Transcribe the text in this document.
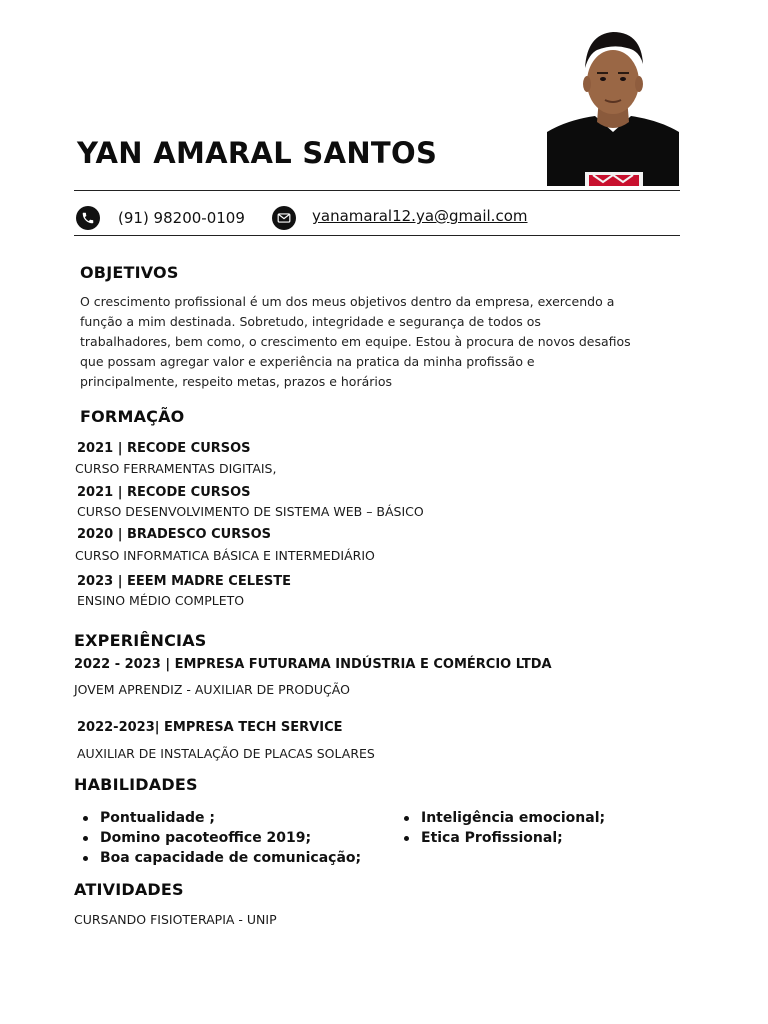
YAN AMARAL SANTOS
(91) 98200-0109	yanamaral12.ya@gmail.com
OBJETIVOS
O crescimento profissional é um dos meus objetivos dentro da empresa, exercendo a
função a mim destinada. Sobretudo, integridade e segurança de todos os
trabalhadores, bem como, o crescimento em equipe. Estou à procura de novos desafios
que possam agregar valor e experiência na pratica da minha profissão e
principalmente, respeito metas, prazos e horários
FORMAÇÃO
2021 | RECODE CURSOS
CURSO FERRAMENTAS DIGITAIS,
2021 | RECODE CURSOS
CURSO DESENVOLVIMENTO DE SISTEMA WEB – BÁSICO
2020 | BRADESCO CURSOS
CURSO INFORMATICA BÁSICA E INTERMEDIÁRIO
2023 | EEEM MADRE CELESTE
ENSINO MÉDIO COMPLETO
EXPERIÊNCIAS
2022 - 2023 | EMPRESA FUTURAMA INDÚSTRIA E COMÉRCIO LTDA
JOVEM APRENDIZ - AUXILIAR DE PRODUÇÃO
2022-2023| EMPRESA TECH SERVICE
AUXILIAR DE INSTALAÇÃO DE PLACAS SOLARES
HABILIDADES
Pontualidade ;
Domino pacoteoffice 2019;
Boa capacidade de comunicação;
Inteligência emocional;
Etica Profissional;
ATIVIDADES
CURSANDO FISIOTERAPIA - UNIP
